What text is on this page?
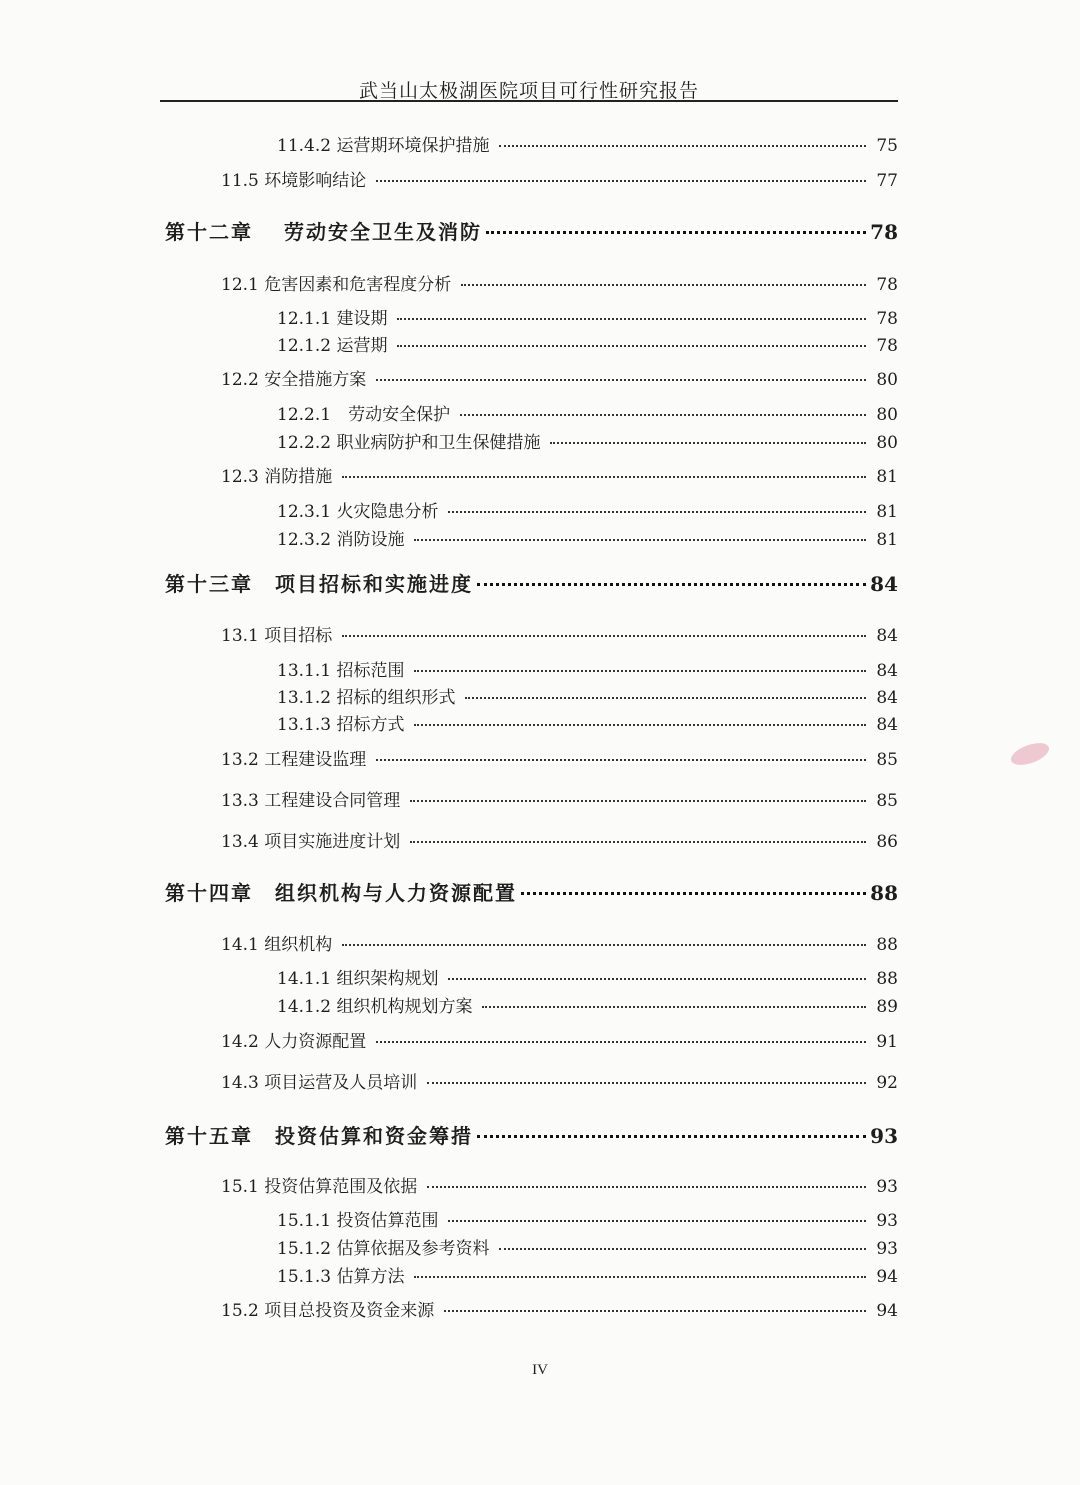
武当山太极湖医院项目可行性研究报告
11.4.2 运营期环境保护措施	75
11.5 环境影响结论	77
第十二章　 劳动安全卫生及消防	78
12.1 危害因素和危害程度分析	78
12.1.1 建设期	78
12.1.2 运营期	78
12.2 安全措施方案	80
12.2.1　劳动安全保护	80
12.2.2 职业病防护和卫生保健措施	80
12.3 消防措施	81
12.3.1 火灾隐患分析	81
12.3.2 消防设施	81
第十三章　项目招标和实施进度	84
13.1 项目招标	84
13.1.1 招标范围	84
13.1.2 招标的组织形式	84
13.1.3 招标方式	84
13.2 工程建设监理	85
13.3 工程建设合同管理	85
13.4 项目实施进度计划	86
第十四章　组织机构与人力资源配置	88
14.1 组织机构	88
14.1.1 组织架构规划	88
14.1.2 组织机构规划方案	89
14.2 人力资源配置	91
14.3 项目运营及人员培训	92
第十五章　投资估算和资金筹措	93
15.1 投资估算范围及依据	93
15.1.1 投资估算范围	93
15.1.2 估算依据及参考资料	93
15.1.3 估算方法	94
15.2 项目总投资及资金来源	94
IV
